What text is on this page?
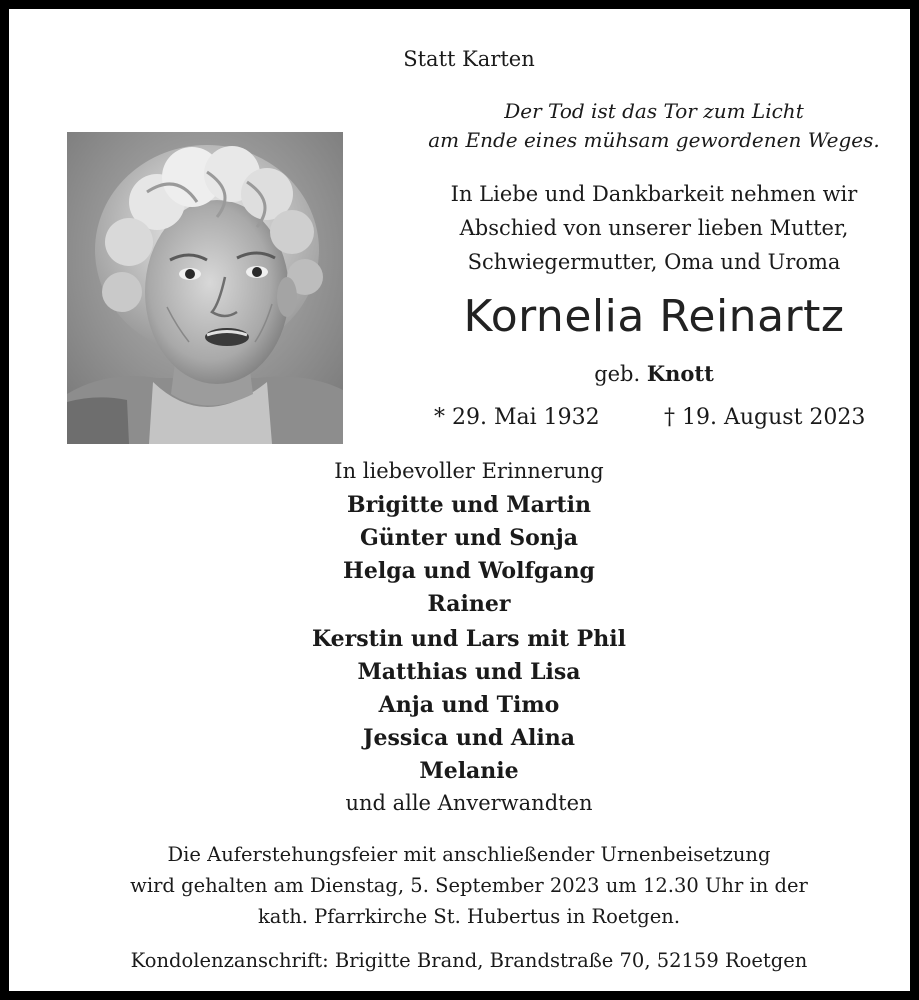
Statt Karten
Der Tod ist das Tor zum Licht
am Ende eines mühsam gewordenen Weges.
In Liebe und Dankbarkeit nehmen wir
Abschied von unserer lieben Mutter,
Schwiegermutter, Oma und Uroma
Kornelia Reinartz
geb. Knott
* 29. Mai 1932	† 19. August 2023
In liebevoller Erinnerung
Brigitte und Martin
Günter und Sonja
Helga und Wolfgang
Rainer
Kerstin und Lars mit Phil
Matthias und Lisa
Anja und Timo
Jessica und Alina
Melanie
und alle Anverwandten
Die Auferstehungsfeier mit anschließender Urnenbeisetzung
wird gehalten am Dienstag, 5. September 2023 um 12.30 Uhr in der
kath. Pfarrkirche St. Hubertus in Roetgen.
Kondolenzanschrift: Brigitte Brand, Brandstraße 70, 52159 Roetgen
